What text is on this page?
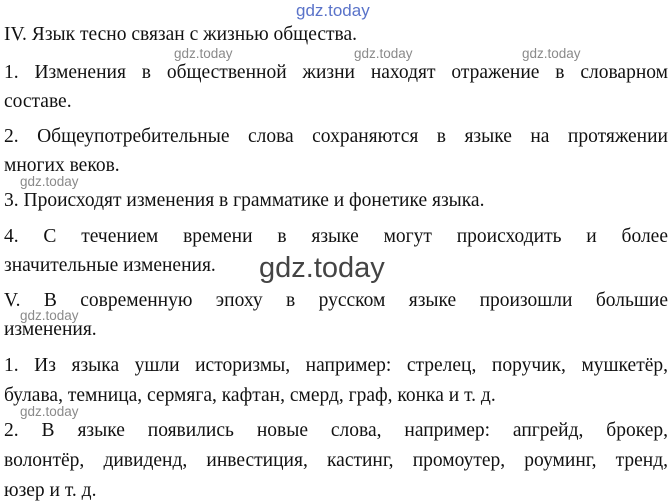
IV. Язык тесно связан с жизнью общества.
1. Изменения в общественной жизни находят отражение в словарном
составе.
2. Общеупотребительные слова сохраняются в языке на протяжении
многих веков.
3. Происходят изменения в грамматике и фонетике языка.
4. С течением времени в языке могут происходить и более
значительные изменения.
V. В современную эпоху в русском языке произошли большие
изменения.
1. Из языка ушли историзмы, например: стрелец, поручик, мушкетёр,
булава, темница, сермяга, кафтан, смерд, граф, конка и т. д.
2. В языке появились новые слова, например: апгрейд, брокер,
волонтёр, дивиденд, инвестиция, кастинг, промоутер, роуминг, тренд,
юзер и т. д.
gdz.today
gdz.today	gdz.today	gdz.today
gdz.today
gdz.today
gdz.today
gdz.today
